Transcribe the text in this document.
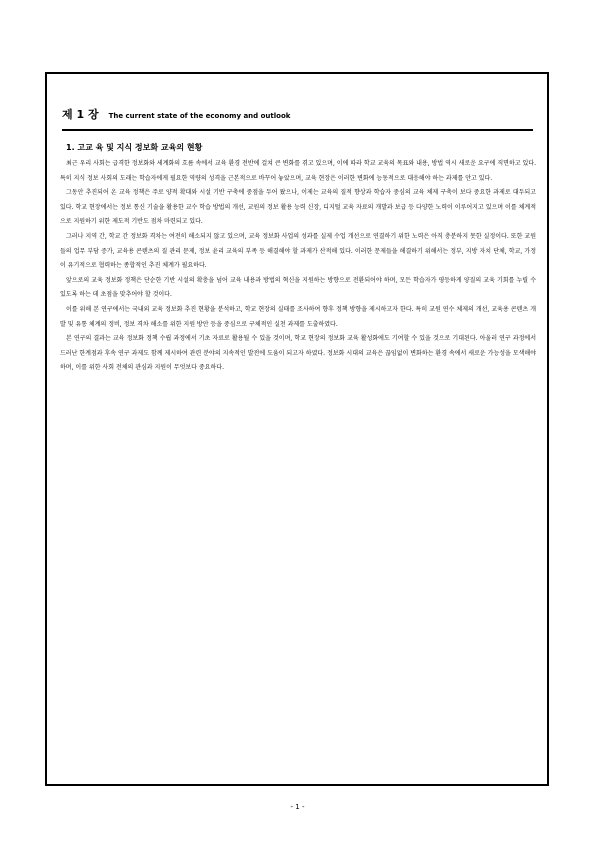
제 1 장 The current state of the economy and outlook
1. 고교 육 및 지식 정보화 교육의 현황

최근 우리 사회는 급격한 정보화와 세계화의 흐름 속에서 교육 환경 전반에 걸쳐 큰 변화를 겪고 있으며, 이에 따라 학교 교육의 목표와 내용, 방법 역시 새로운 요구에 직면하고 있다. 특히 지식 정보 사회의 도래는 학습자에게 필요한 역량의 성격을 근본적으로 바꾸어 놓았으며, 교육 현장은 이러한 변화에 능동적으로 대응해야 하는 과제를 안고 있다.

그동안 추진되어 온 교육 정책은 주로 양적 확대와 시설 기반 구축에 중점을 두어 왔으나, 이제는 교육의 질적 향상과 학습자 중심의 교육 체제 구축이 보다 중요한 과제로 대두되고 있다. 학교 현장에서는 정보 통신 기술을 활용한 교수 학습 방법의 개선, 교원의 정보 활용 능력 신장, 디지털 교육 자료의 개발과 보급 등 다양한 노력이 이루어지고 있으며 이를 체계적으로 지원하기 위한 제도적 기반도 점차 마련되고 있다.

그러나 지역 간, 학교 간 정보화 격차는 여전히 해소되지 않고 있으며, 교육 정보화 사업의 성과를 실제 수업 개선으로 연결하기 위한 노력은 아직 충분하지 못한 실정이다. 또한 교원들의 업무 부담 증가, 교육용 콘텐츠의 질 관리 문제, 정보 윤리 교육의 부족 등 해결해야 할 과제가 산적해 있다. 이러한 문제들을 해결하기 위해서는 정부, 지방 자치 단체, 학교, 가정이 유기적으로 협력하는 종합적인 추진 체계가 필요하다.

앞으로의 교육 정보화 정책은 단순한 기반 시설의 확충을 넘어 교육 내용과 방법의 혁신을 지원하는 방향으로 전환되어야 하며, 모든 학습자가 평등하게 양질의 교육 기회를 누릴 수 있도록 하는 데 초점을 맞추어야 할 것이다.

이를 위해 본 연구에서는 국내외 교육 정보화 추진 현황을 분석하고, 학교 현장의 실태를 조사하여 향후 정책 방향을 제시하고자 한다. 특히 교원 연수 체제의 개선, 교육용 콘텐츠 개발 및 유통 체계의 정비, 정보 격차 해소를 위한 지원 방안 등을 중심으로 구체적인 실천 과제를 도출하였다.

본 연구의 결과는 교육 정보화 정책 수립 과정에서 기초 자료로 활용될 수 있을 것이며, 학교 현장의 정보화 교육 활성화에도 기여할 수 있을 것으로 기대된다. 아울러 연구 과정에서 드러난 한계점과 후속 연구 과제도 함께 제시하여 관련 분야의 지속적인 발전에 도움이 되고자 하였다. 정보화 시대의 교육은 끊임없이 변화하는 환경 속에서 새로운 가능성을 모색해야 하며, 이를 위한 사회 전체의 관심과 지원이 무엇보다 중요하다.

- 1 -
